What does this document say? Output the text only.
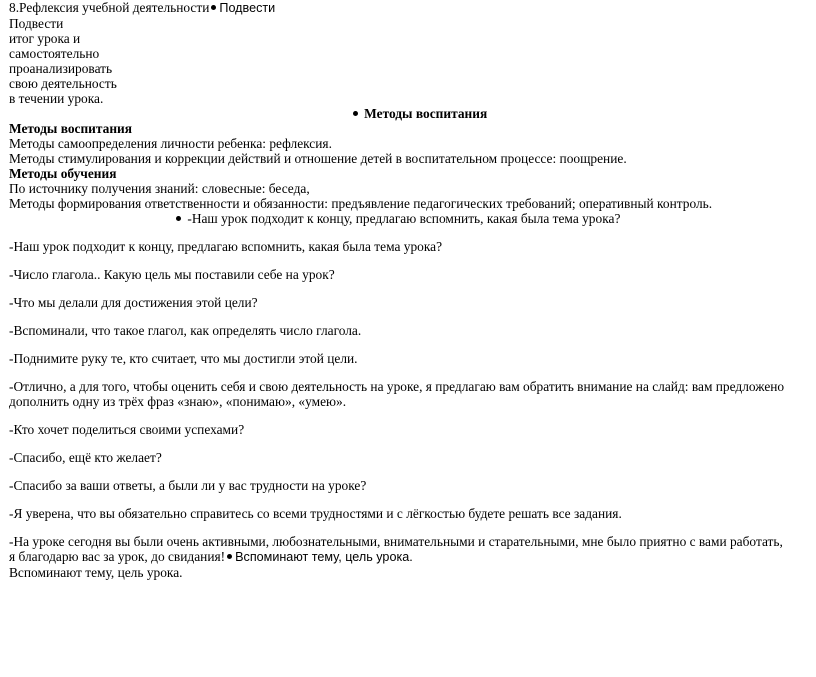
8.Рефлексия учебной деятельности Подвести
Подвести
итог урока и
самостоятельно
проанализировать
свою деятельность
в течении урока.
Методы воспитания
Методы воспитания
Методы самоопределения личности ребенка: рефлексия.
Методы стимулирования и коррекции действий и отношение детей в воспитательном процессе: поощрение.
Методы обучения
По источнику получения знаний: словесные: беседа,
Методы формирования ответственности и обязанности: предъявление педагогических требований; оперативный контроль.
-Наш урок подходит к концу, предлагаю вспомнить, какая была тема урока?
-Наш урок подходит к концу, предлагаю вспомнить, какая была тема урока?
-Число глагола.. Какую цель мы поставили себе на урок?
-Что мы делали для достижения этой цели?
-Вспоминали, что такое глагол, как определять число глагола.
-Поднимите руку те, кто считает, что мы достигли этой цели.
-Отлично, а для того, чтобы оценить себя и свою деятельность на уроке, я предлагаю вам обратить внимание на слайд: вам предложено
дополнить одну из трёх фраз «знаю», «понимаю», «умею».
-Кто хочет поделиться своими успехами?
-Спасибо, ещё кто желает?
-Спасибо за ваши ответы, а были ли у вас трудности на уроке?
-Я уверена, что вы обязательно справитесь со всеми трудностями и с лёгкостью будете решать все задания.
-На уроке сегодня вы были очень активными, любознательными, внимательными и старательными, мне было приятно с вами работать,
я благодарю вас за урок, до свидания! Вспоминают тему, цель урока.
Вспоминают тему, цель урока.
